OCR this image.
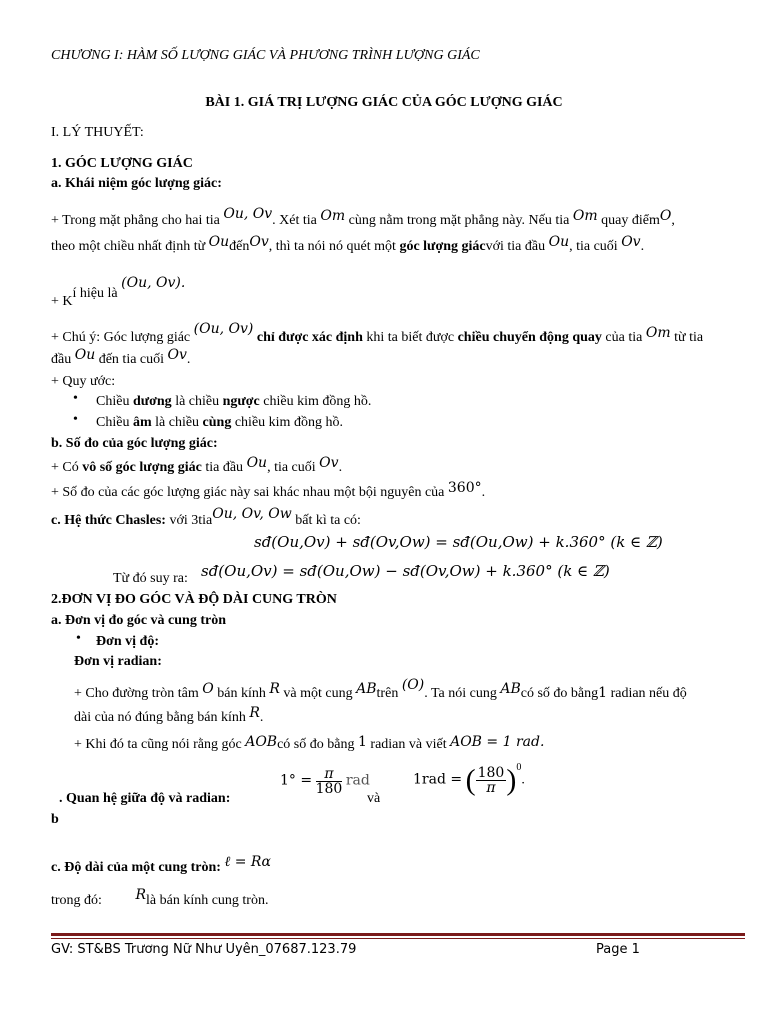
CHƯƠNG I: HÀM SỐ LƯỢNG GIÁC VÀ PHƯƠNG TRÌNH LƯỢNG GIÁC
BÀI 1. GIÁ TRỊ LƯỢNG GIÁC CỦA GÓC LƯỢNG GIÁC
I. LÝ THUYẾT:
1. GÓC LƯỢNG GIÁC
a. Khái niệm góc lượng giác:
+ Trong mặt phẳng cho hai tia Ou, Ov. Xét tia Om cùng nằm trong mặt phẳng này. Nếu tia Om quay điểmO,
theo một chiều nhất định từ OuđếnOv, thì ta nói nó quét một góc lượng giácvới tia đầu Ou, tia cuối Ov.
+ Kí hiệu là (Ou, Ov).
+ Chú ý: Góc lượng giác (Ou, Ov) chỉ được xác định khi ta biết được chiều chuyển động quay của tia Om từ tia
đầu Ou đến tia cuối Ov.
+ Quy ước:
• Chiều dương là chiều ngược chiều kim đồng hồ.
• Chiều âm là chiều cùng chiều kim đồng hồ.
b. Số đo của góc lượng giác:
+ Có vô số góc lượng giác tia đầu Ou, tia cuối Ov.
+ Số đo của các góc lượng giác này sai khác nhau một bội nguyên của 360°.
c. Hệ thức Chasles: với 3tiaOu, Ov, Ow bất kì ta có:
sđ(Ou,Ov) + sđ(Ov,Ow) = sđ(Ou,Ow) + k.360° (k ∈ ℤ)
Từ đó suy ra: sđ(Ou,Ov) = sđ(Ou,Ow) − sđ(Ov,Ow) + k.360° (k ∈ ℤ)
2.ĐƠN VỊ ĐO GÓC VÀ ĐỘ DÀI CUNG TRÒN
a. Đơn vị đo góc và cung tròn
• Đơn vị độ:
Đơn vị radian:
+ Cho đường tròn tâm O bán kính R và một cung ABtrên (O). Ta nói cung ABcó số đo bằng1 radian nếu độ
dài của nó đúng bằng bán kính R.
+ Khi đó ta cũng nói rằng góc AOBcó số đo bằng 1 radian và viết AOB = 1 rad.
$1^\circ = \frac{\pi}{180}$ rad
. Quan hệ giữa độ và radian:	và
1rad = ( $\frac{180}{\pi} )^0$.
b
c. Độ dài của một cung tròn: ℓ = Rα
trong đó: Rlà bán kính cung tròn.
GV: ST&BS Trương Nữ Như Uyên_07687.123.79	Page 1
